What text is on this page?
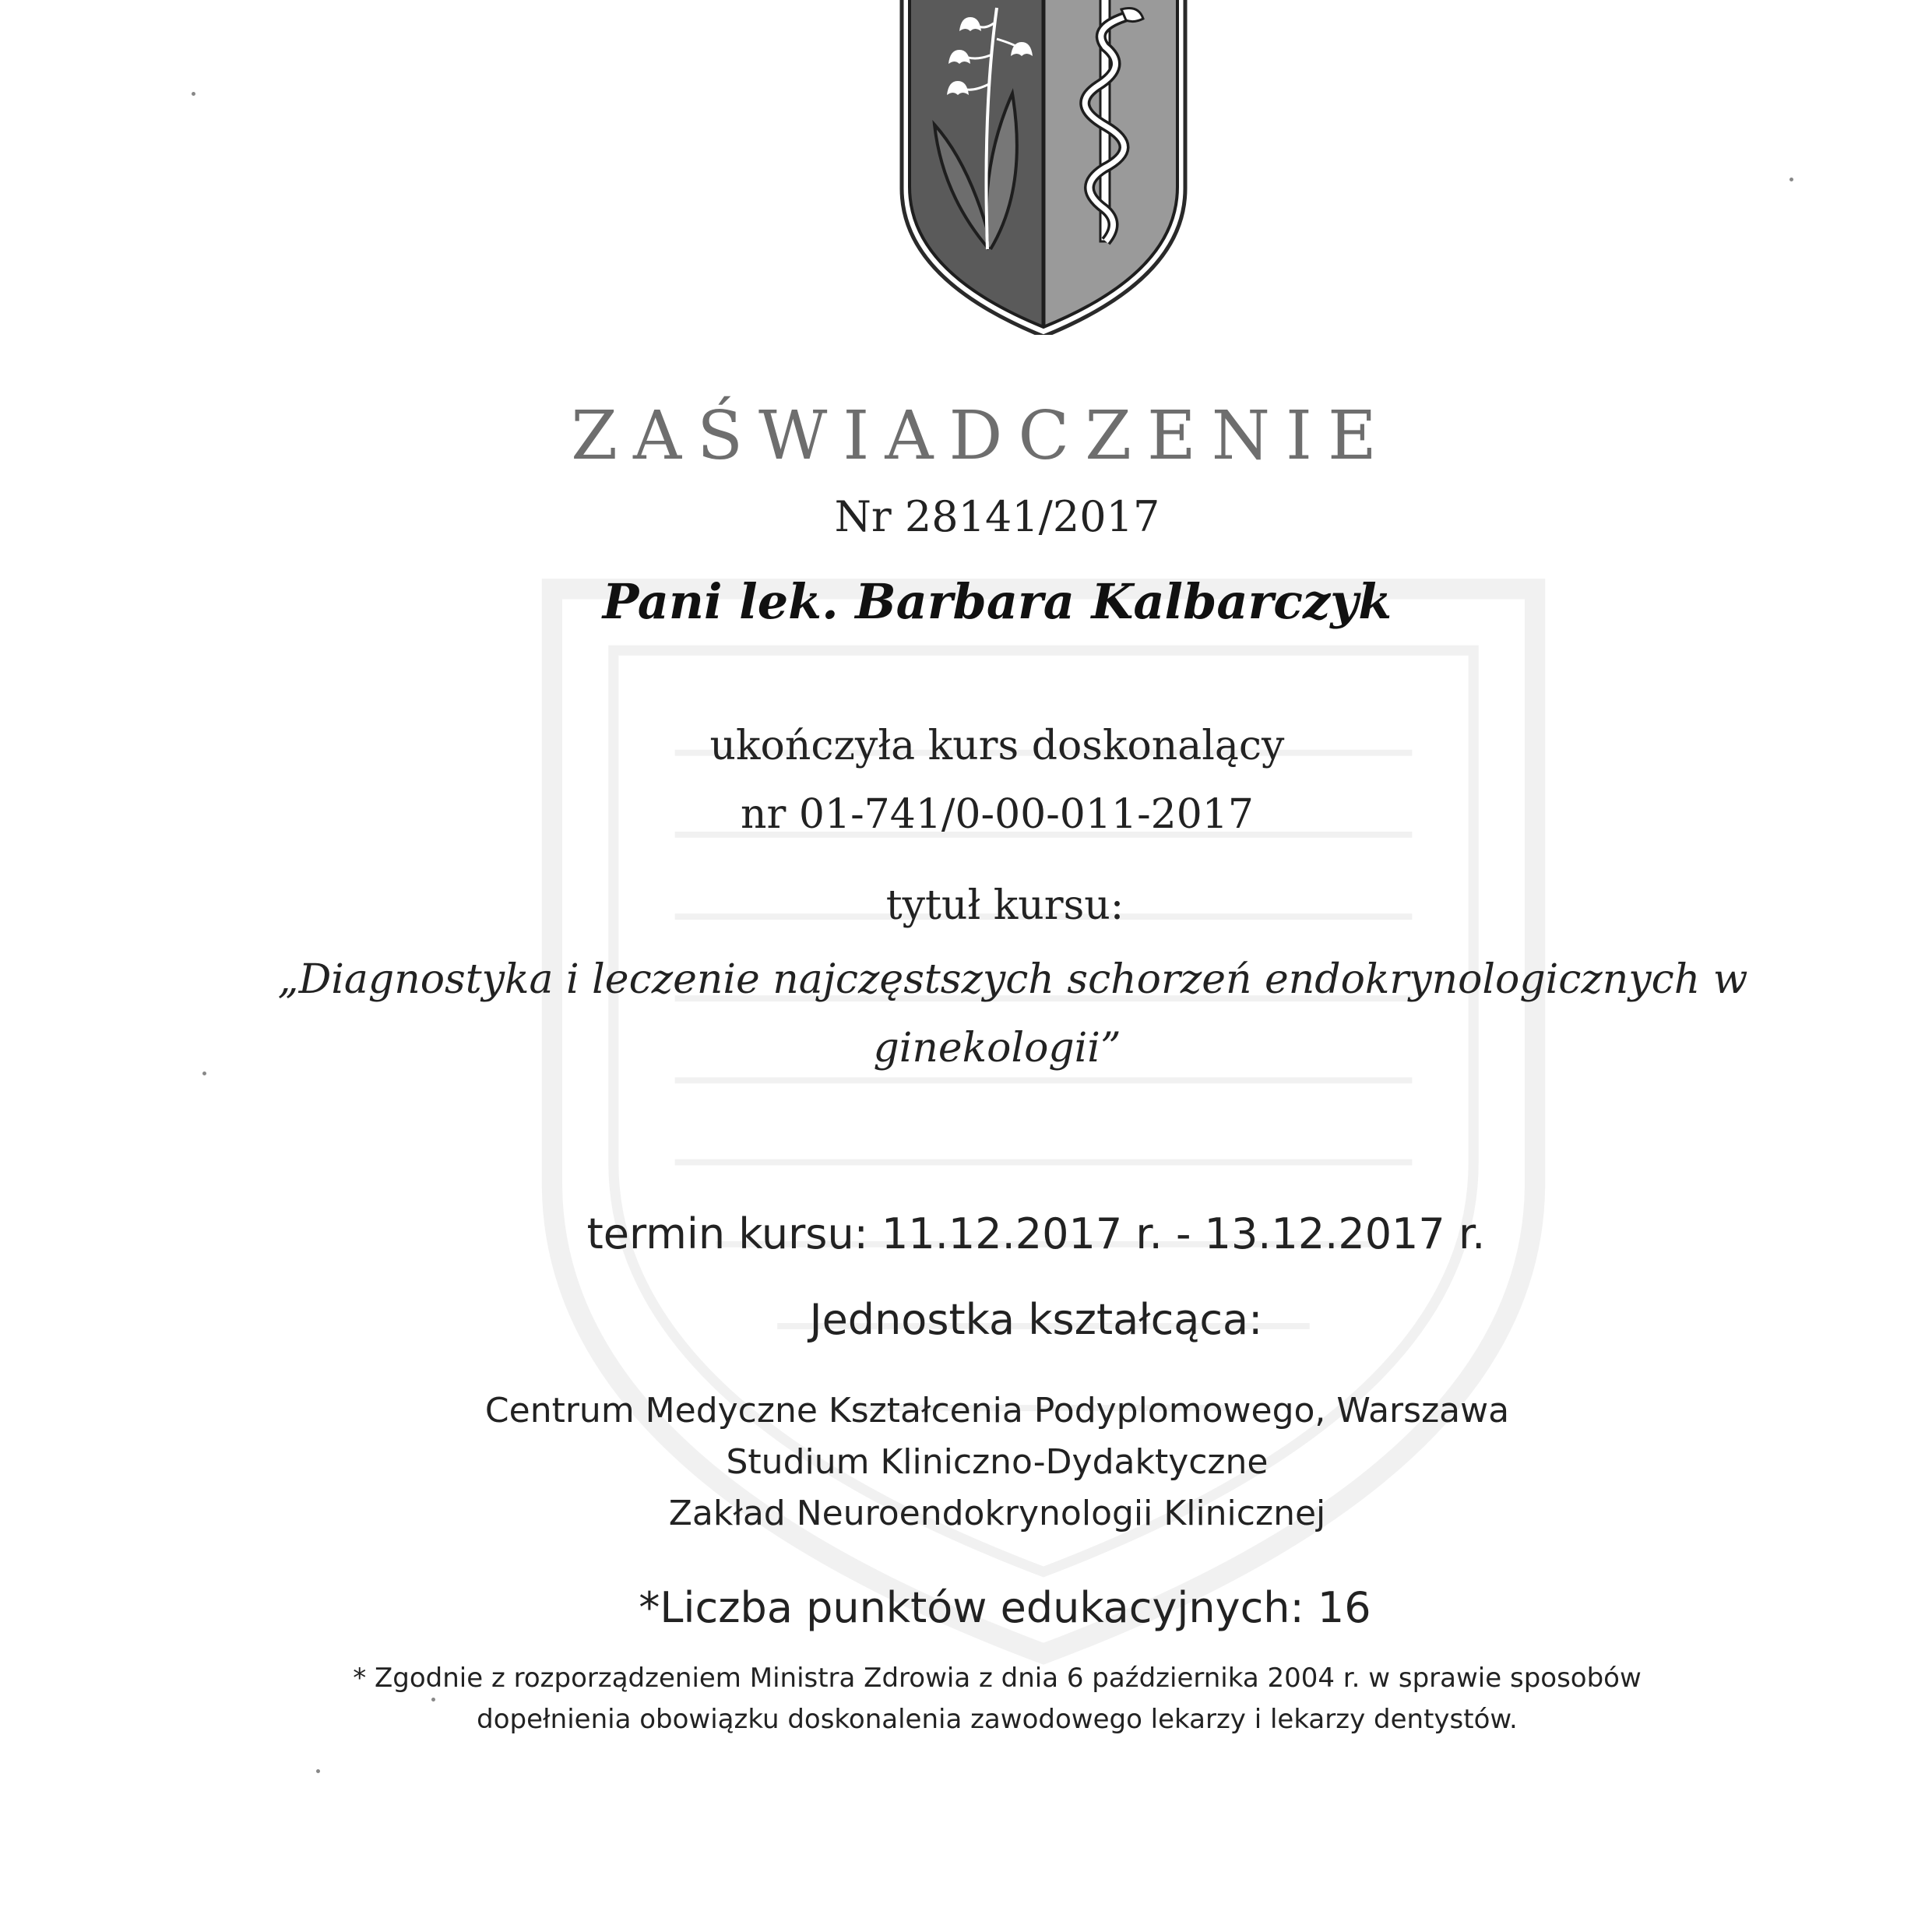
ZAŚWIADCZENIE
Nr 28141/2017
Pani lek. Barbara Kalbarczyk
ukończyła kurs doskonalący
nr 01-741/0-00-011-2017
tytuł kursu:
„Diagnostyka i leczenie najczęstszych schorzeń endokrynologicznych w
ginekologii”
termin kursu: 11.12.2017 r. - 13.12.2017 r.
Jednostka kształcąca:
Centrum Medyczne Kształcenia Podyplomowego, Warszawa
Studium Kliniczno-Dydaktyczne
Zakład Neuroendokrynologii Klinicznej
*Liczba punktów edukacyjnych: 16
* Zgodnie z rozporządzeniem Ministra Zdrowia z dnia 6 października 2004 r. w sprawie sposobów
dopełnienia obowiązku doskonalenia zawodowego lekarzy i lekarzy dentystów.
